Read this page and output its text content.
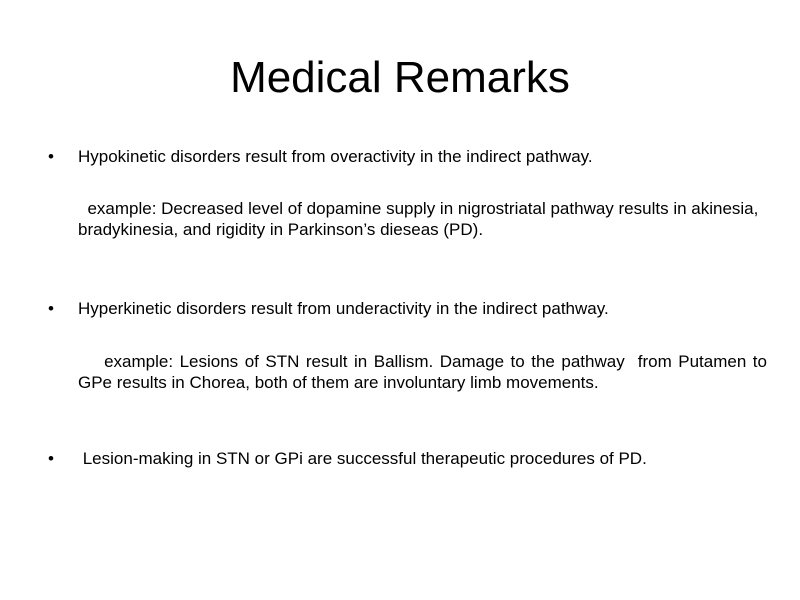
Medical Remarks
•	Hypokinetic disorders result from overactivity in the indirect pathway.
example: Decreased level of dopamine supply in nigrostriatal pathway results in akinesia, bradykinesia, and rigidity in Parkinson’s dieseas (PD).
•	Hyperkinetic disorders result from underactivity in the indirect pathway.
example: Lesions of STN result in Ballism. Damage to the pathway  from Putamen to GPe results in Chorea, both of them are involuntary limb movements.
•	Lesion-making in STN or GPi are successful therapeutic procedures of PD.
